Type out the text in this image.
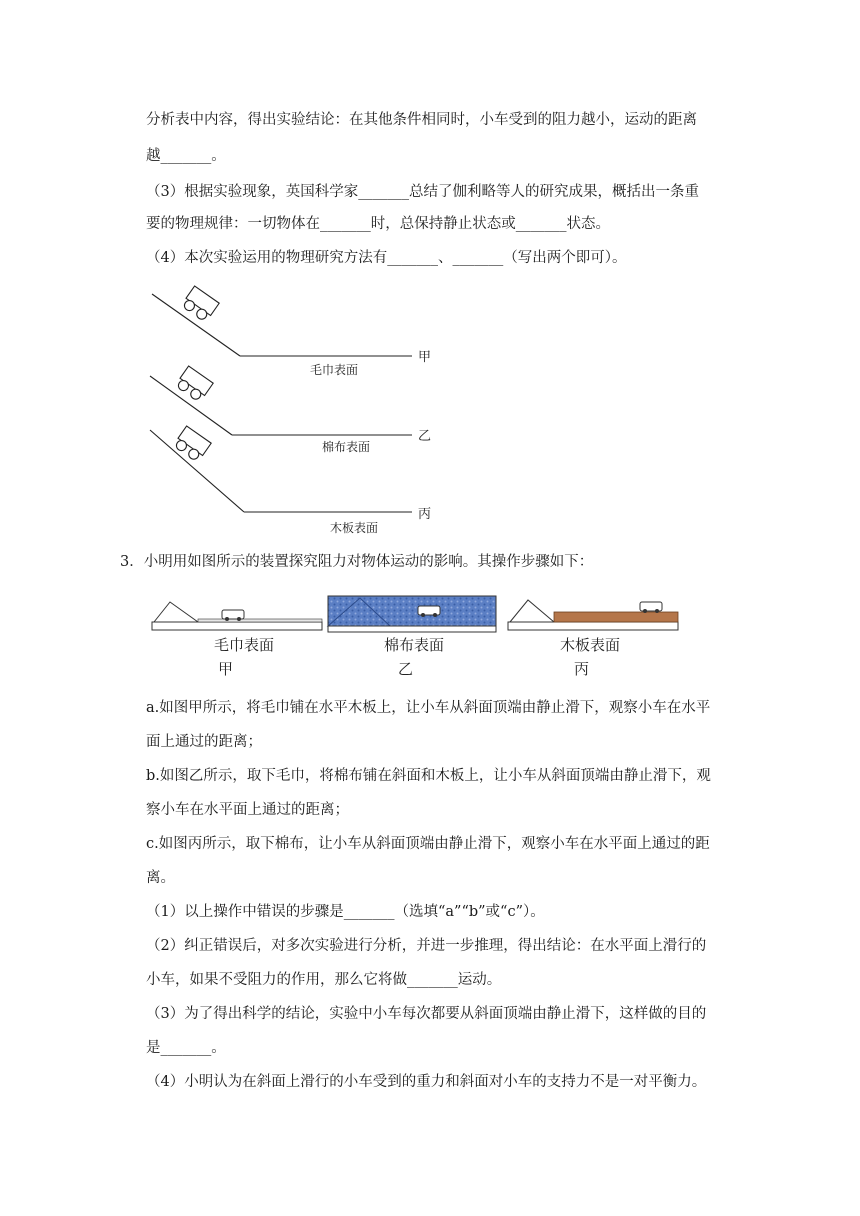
分析表中内容，得出实验结论：在其他条件相同时，小车受到的阻力越小，运动的距离
越_______。
（3）根据实验现象，英国科学家_______总结了伽利略等人的研究成果，概括出一条重
要的物理规律：一切物体在_______时，总保持静止状态或_______状态。
（4）本次实验运用的物理研究方法有_______、_______（写出两个即可）。
毛巾表面
棉布表面
木板表面
甲
乙
丙
3．小明用如图所示的装置探究阻力对物体运动的影响。其操作步骤如下：
毛巾表面
甲
棉布表面
乙
木板表面
丙
a.如图甲所示，将毛巾铺在水平木板上，让小车从斜面顶端由静止滑下，观察小车在水平
面上通过的距离；
b.如图乙所示，取下毛巾，将棉布铺在斜面和木板上，让小车从斜面顶端由静止滑下，观
察小车在水平面上通过的距离；
c.如图丙所示，取下棉布，让小车从斜面顶端由静止滑下，观察小车在水平面上通过的距
离。
（1）以上操作中错误的步骤是_______（选填“a”“b”或“c”）。
（2）纠正错误后，对多次实验进行分析，并进一步推理，得出结论：在水平面上滑行的
小车，如果不受阻力的作用，那么它将做_______运动。
（3）为了得出科学的结论，实验中小车每次都要从斜面顶端由静止滑下，这样做的目的
是_______。
（4）小明认为在斜面上滑行的小车受到的重力和斜面对小车的支持力不是一对平衡力。
